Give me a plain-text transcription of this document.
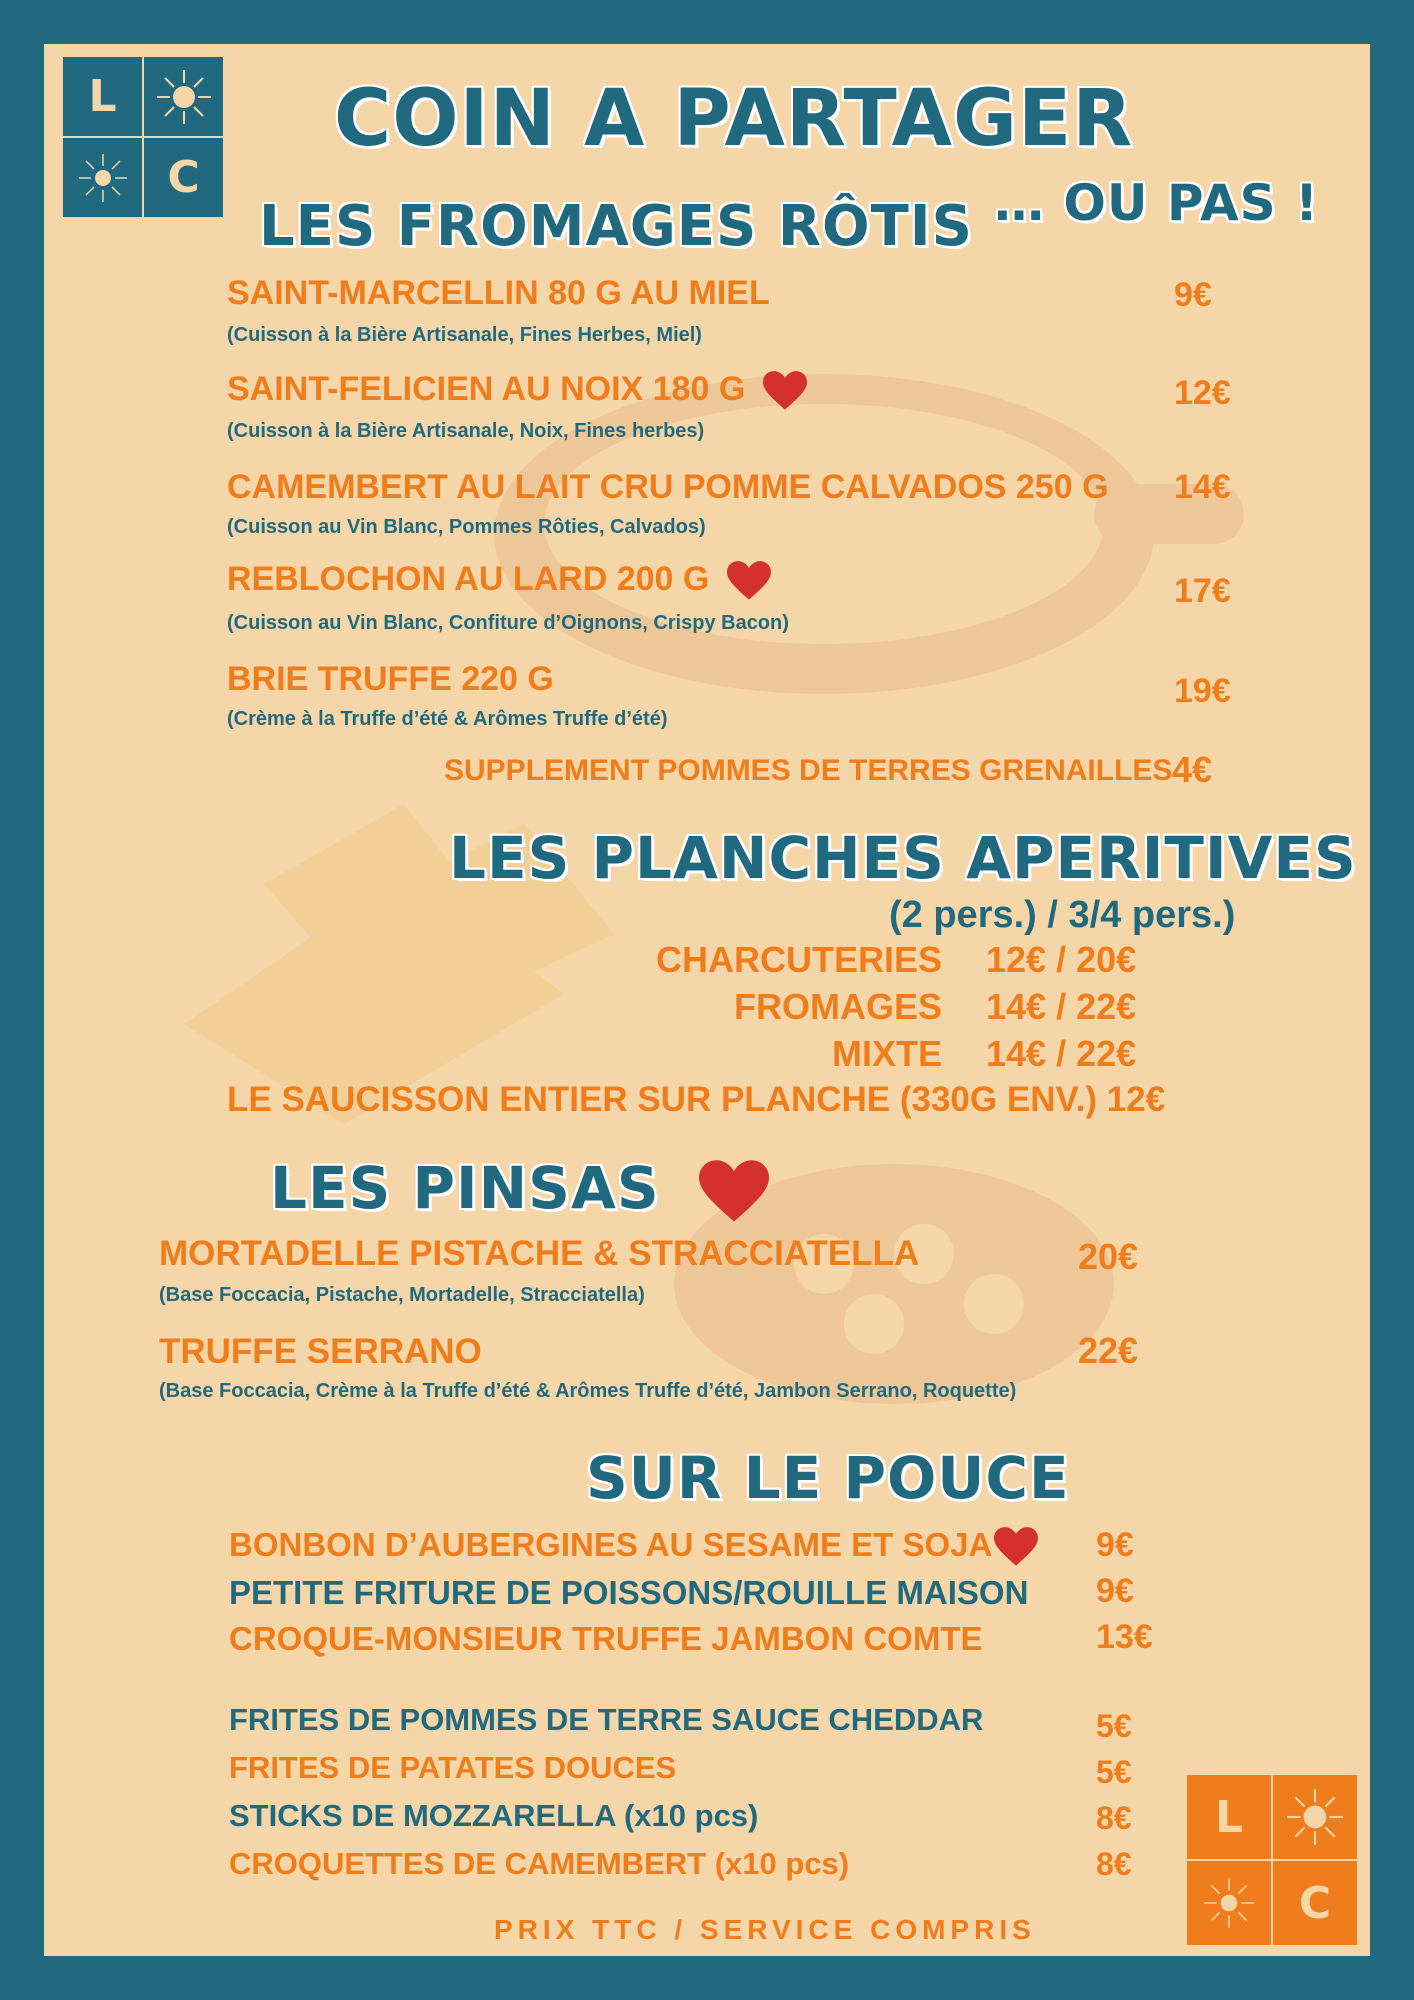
L
C
COIN A PARTAGER
… OU PAS !
LES FROMAGES RÔTIS
SAINT-MARCELLIN 80 G AU MIEL
(Cuisson à la Bière Artisanale, Fines Herbes, Miel)
9€
SAINT-FELICIEN AU NOIX 180 G
(Cuisson à la Bière Artisanale, Noix, Fines herbes)
12€
CAMEMBERT AU LAIT CRU POMME CALVADOS 250 G
(Cuisson au Vin Blanc, Pommes Rôties, Calvados)
14€
REBLOCHON AU LARD 200 G
(Cuisson au Vin Blanc, Confiture d’Oignons, Crispy Bacon)
17€
BRIE TRUFFE 220 G
(Crème à la Truffe d’été & Arômes Truffe d’été)
19€
SUPPLEMENT POMMES DE TERRES GRENAILLES 4€
LES PLANCHES APERITIVES
(2 pers.) / 3/4 pers.)
CHARCUTERIES 12€ / 20€
FROMAGES 14€ / 22€
MIXTE 14€ / 22€
LE SAUCISSON ENTIER SUR PLANCHE (330G ENV.) 12€
LES PINSAS
MORTADELLE PISTACHE & STRACCIATELLA
(Base Foccacia, Pistache, Mortadelle, Stracciatella)
20€
TRUFFE SERRANO
(Base Foccacia, Crème à la Truffe d’été & Arômes Truffe d’été, Jambon Serrano, Roquette)
22€
SUR LE POUCE
BONBON D’AUBERGINES AU SESAME ET SOJA	9€
PETITE FRITURE DE POISSONS/ROUILLE MAISON 9€
CROQUE-MONSIEUR TRUFFE JAMBON COMTE	13€
FRITES DE POMMES DE TERRE SAUCE CHEDDAR	5€
FRITES DE PATATES DOUCES	5€
STICKS DE MOZZARELLA (x10 pcs)	8€
CROQUETTES DE CAMEMBERT (x10 pcs)	8€
PRIX TTC / SERVICE COMPRIS
L
C
